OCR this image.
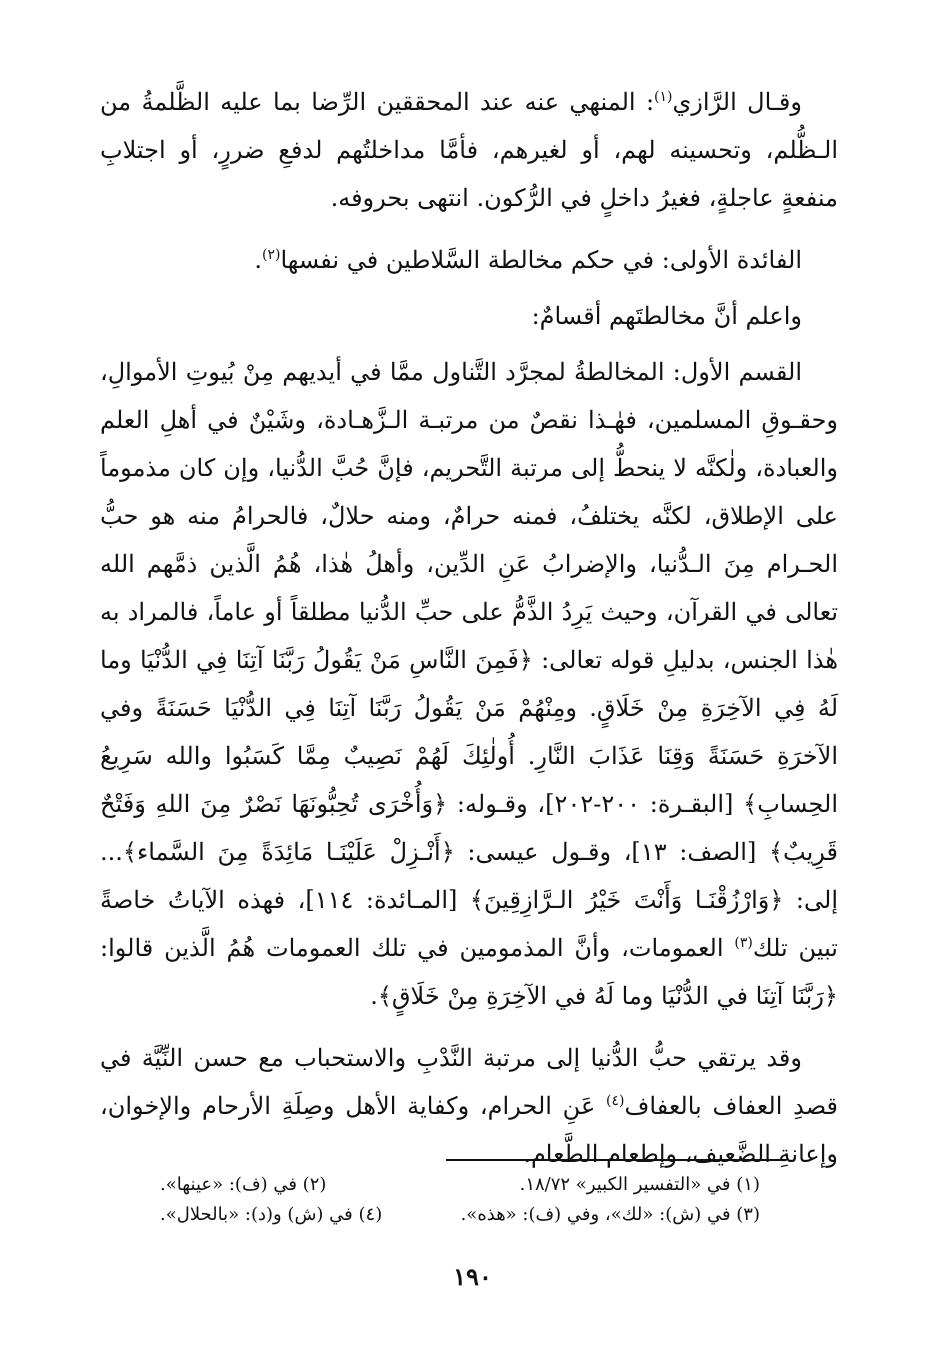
وقـال الرَّازي$^{(١)}$: المنهي عنه عند المحققين الرِّضا بما عليه الظَّلمةُ من الـظُّلم، وتحسينه لهم، أو لغيرهم، فأمَّا مداخلتُهم لدفعِ ضررٍ، أو اجتلابِ منفعةٍ عاجلةٍ، فغيرُ داخلٍ في الرُّكون. انتهى بحروفه.

الفائدة الأولى: في حكم مخالطة السَّلاطين في نفسها$^{(٢)}$.

واعلم أنَّ مخالطتَهم أقسامٌ:

القسم الأول: المخالطةُ لمجرَّد التَّناول ممَّا في أيديهم مِنْ بُيوتِ الأموالِ، وحقـوقِ المسلمين، فهٰـذا نقصٌ من مرتبـة الـزَّهـادة، وشَيْنٌ في أهلِ العلم والعبادة، ولٰكنَّه لا ينحطُّ إلى مرتبة التَّحريم، فإنَّ حُبَّ الدُّنيا، وإن كان مذموماً على الإطلاق، لكنَّه يختلفُ، فمنه حرامٌ، ومنه حلالٌ، فالحرامُ منه هو حبُّ الحـرام مِنَ الـدُّنيا، والإضرابُ عَنِ الدِّين، وأهلُ هٰذا، هُمُ الَّذين ذمَّهم الله تعالى في القرآن، وحيث يَرِدُ الذَّمُّ على حبِّ الدُّنيا مطلقاً أو عاماً، فالمراد به هٰذا الجنس، بدليلِ قوله تعالى: ﴿فَمِنَ النَّاسِ مَنْ يَقُولُ رَبَّنَا آتِنَا فِي الدُّنْيَا وما لَهُ فِي الآخِرَةِ مِنْ خَلَاقٍ. ومِنْهُمْ مَنْ يَقُولُ رَبَّنَا آتِنَا فِي الدُّنْيَا حَسَنَةً وفي الآخرَةِ حَسَنَةً وَقِنَا عَذَابَ النَّارِ. أُولٰئِكَ لَهُمْ نَصِيبٌ مِمَّا كَسَبُوا والله سَرِيعُ الحِسابِ﴾ [البقـرة: ٢٠٠-٢٠٢]، وقـوله: ﴿وَأُخْرَى تُحِبُّونَهَا نَصْرٌ مِنَ اللهِ وَفَتْحٌ قَرِيبٌ﴾ [الصف: ١٣]، وقـول عيسى: ﴿أَنْـزِلْ عَلَيْنَـا مَائِدَةً مِنَ السَّماء﴾... إلى: ﴿وَارْزُقْنَـا وَأَنْتَ خَيْرُ الـرَّازِقِينَ﴾ [المـائدة: ١١٤]، فهذه الآياتُ خاصةً تبين تلك$^{(٣)}$ العمومات، وأنَّ المذمومين في تلك العمومات هُمُ الَّذين قالوا: ﴿رَبَّنَا آتِنَا في الدُّنْيَا وما لَهُ في الآخِرَةِ مِنْ خَلَاقٍ﴾.

وقد يرتقي حبُّ الدُّنيا إلى مرتبة النَّدْبِ والاستحباب مع حسن النِّيَّة في قصدِ العفاف بالعفاف$^{(٤)}$ عَنِ الحرام، وكفاية الأهل وصِلَةِ الأرحام والإخوان، وإعانةِ الضَّعيف، وإطعام الطَّعام.

(١) في «التفسير الكبير» ١٨/٧٢.
(٢) في (ف): «عينها».
(٣) في (ش): «لك»، وفي (ف): «هذه».
(٤) في (ش) و(د): «بالحلال».
١٩٠
